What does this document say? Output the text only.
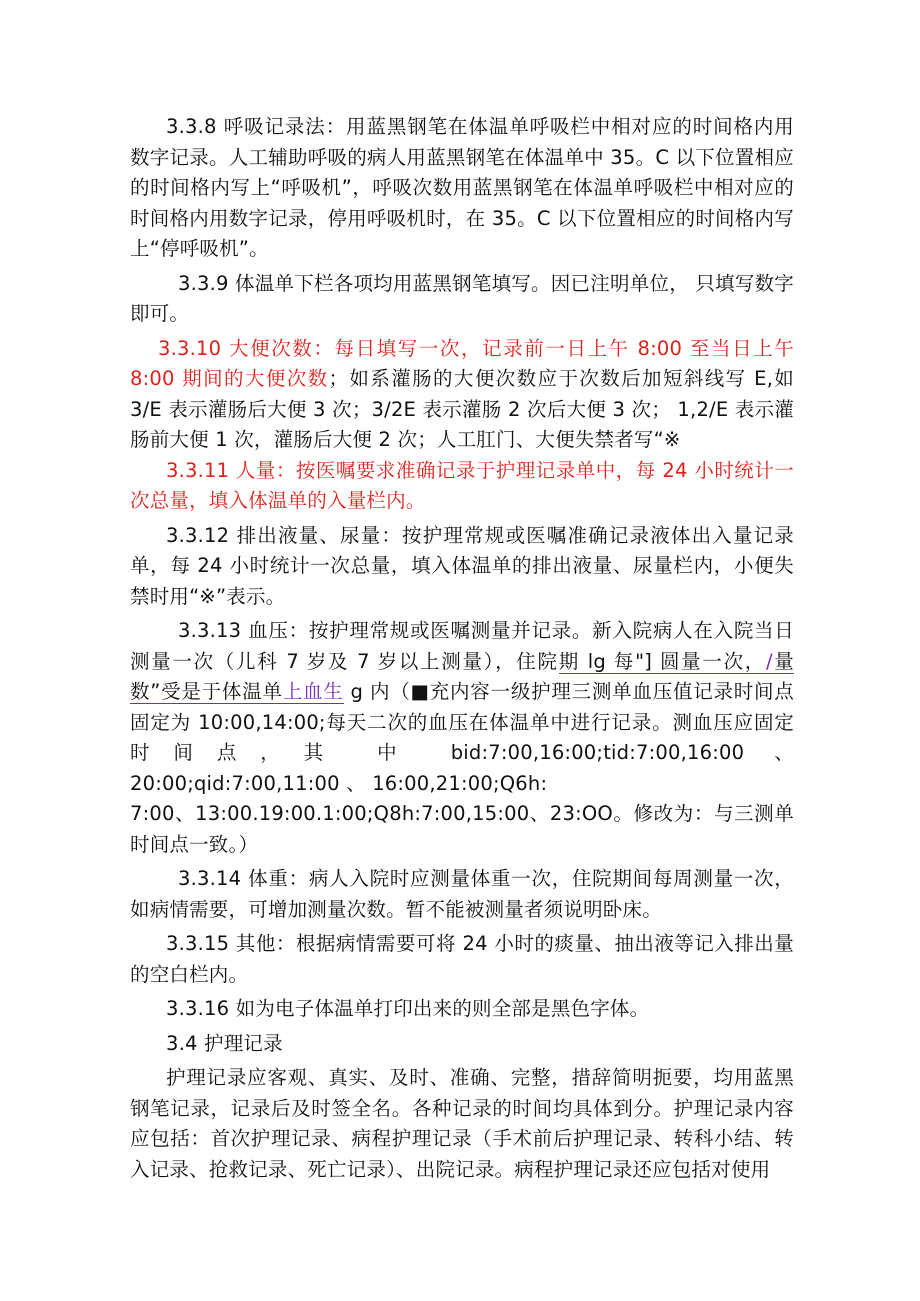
3.3.8 呼吸记录法：用蓝黑钢笔在体温单呼吸栏中相对应的时间格内用数字记录。人工辅助呼吸的病人用蓝黑钢笔在体温单中 35。C 以下位置相应的时间格内写上“呼吸机”，呼吸次数用蓝黑钢笔在体温单呼吸栏中相对应的时间格内用数字记录，停用呼吸机时，在 35。C 以下位置相应的时间格内写上“停呼吸机”。

3.3.9 体温单下栏各项均用蓝黑钢笔填写。因已注明单位， 只填写数字即可。

3.3.10 大便次数：每日填写一次，记录前一日上午 8:00 至当日上午 8:00 期间的大便次数；如系灌肠的大便次数应于次数后加短斜线写 E,如 3/E 表示灌肠后大便 3 次；3/2E 表示灌肠 2 次后大便 3 次； 1,2/E 表示灌肠前大便 1 次，灌肠后大便 2 次；人工肛门、大便失禁者写“※

3.3.11 人量：按医嘱要求准确记录于护理记录单中，每 24 小时统计一次总量，填入体温单的入量栏内。

3.3.12 排出液量、尿量：按护理常规或医嘱准确记录液体出入量记录单，每 24 小时统计一次总量，填入体温单的排出液量、尿量栏内，小便失禁时用“※”表示。

3.3.13 血压：按护理常规或医嘱测量并记录。新入院病人在入院当日测量一次（儿科 7 岁及 7 岁以上测量），住院期 lg 每"] 圆量一次，/量数”受是于体温单上血生 g 内（■充内容一级护理三测单血压值记录时间点固定为 10:00,14:00;每天二次的血压在体温单中进行记录。测血压应固定时间点，其 中 bid:7:00,16:00;tid:7:00,16:00 、 20:00;qid:7:00,11:00 、 16:00,21:00;Q6h:

7:00、13:00.19:00.1:00;Q8h:7:00,15:00、23:OO。修改为：与三测单时间点一致。）

3.3.14 体重：病人入院时应测量体重一次，住院期间每周测量一次，如病情需要，可增加测量次数。暂不能被测量者须说明卧床。

3.3.15 其他：根据病情需要可将 24 小时的痰量、抽出液等记入排出量的空白栏内。

3.3.16 如为电子体温单打印出来的则全部是黑色字体。

3.4 护理记录

护理记录应客观、真实、及时、准确、完整，措辞简明扼要，均用蓝黑钢笔记录，记录后及时签全名。各种记录的时间均具体到分。护理记录内容应包括：首次护理记录、病程护理记录（手术前后护理记录、转科小结、转入记录、抢救记录、死亡记录）、出院记录。病程护理记录还应包括对使用
